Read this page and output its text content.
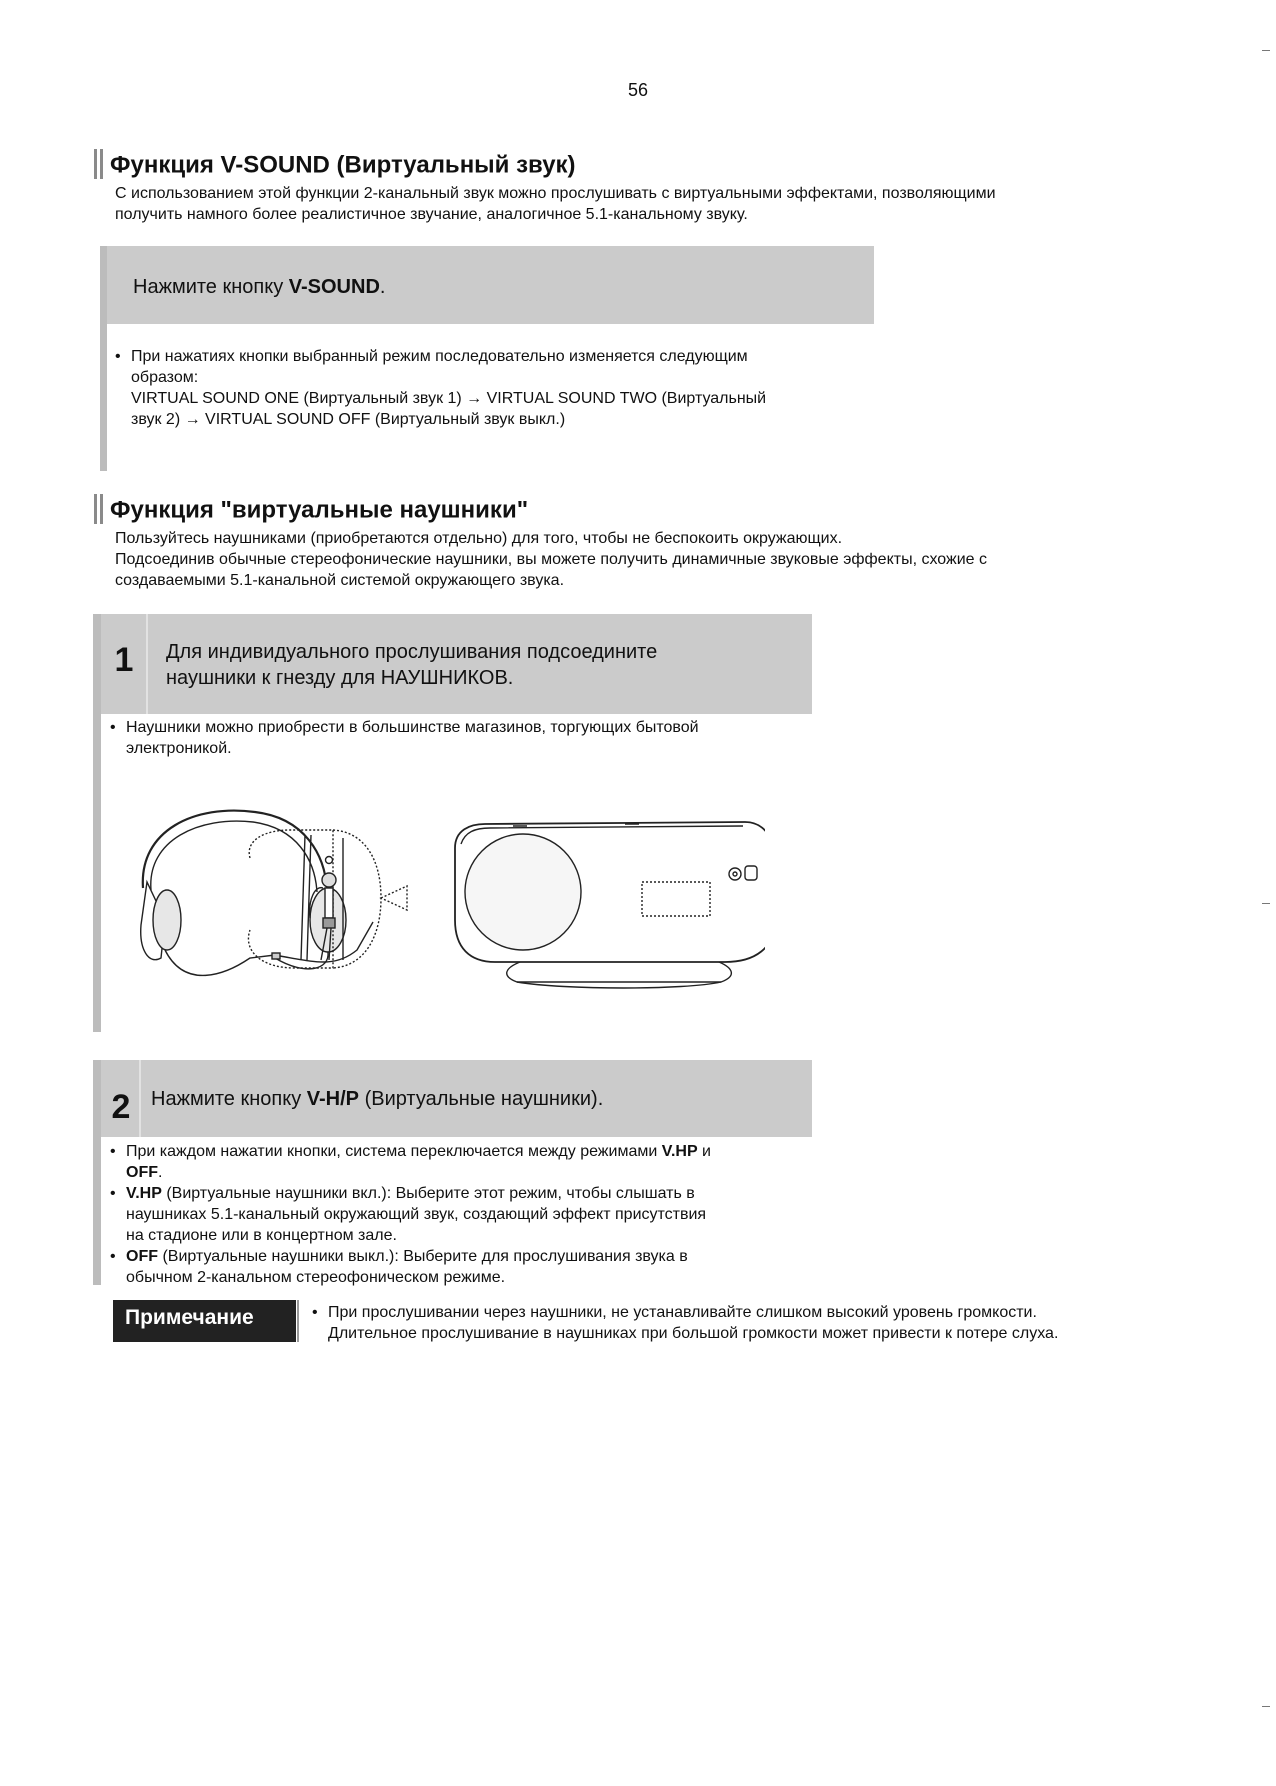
56
Функция V-SOUND (Виртуальный звук)
С использованием этой функции 2-канальный звук можно прослушивать с виртуальными эффектами, позволяющими
получить намного более реалистичное звучание, аналогичное 5.1-канальному звуку.
Нажмите кнопку V-SOUND.
• При нажатиях кнопки выбранный режим последовательно изменяется следующим
образом:
VIRTUAL SOUND ONE (Виртуальный звук 1) → VIRTUAL SOUND TWO (Виртуальный
звук 2) → VIRTUAL SOUND OFF (Виртуальный звук выкл.)
Функция "виртуальные наушники"
Пользуйтесь наушниками (приобретаются отдельно) для того, чтобы не беспокоить окружающих.
Подсоединив обычные стереофонические наушники, вы можете получить динамичные звуковые эффекты, схожие с
создаваемыми 5.1-канальной системой окружающего звука.
1	Для индивидуального прослушивания подсоедините
наушники к гнезду для НАУШНИКОВ.
• Наушники можно приобрести в большинстве магазинов, торгующих бытовой
электроникой.
2	Нажмите кнопку V-H/P (Виртуальные наушники).
• При каждом нажатии кнопки, система переключается между режимами V.HP и
OFF.
• V.HP (Виртуальные наушники вкл.): Выберите этот режим, чтобы слышать в
наушниках 5.1-канальный окружающий звук, создающий эффект присутствия
на стадионе или в концертном зале.
• OFF (Виртуальные наушники выкл.): Выберите для прослушивания звука в
обычном 2-канальном стереофоническом режиме.
Примечание
•	При прослушивании через наушники, не устанавливайте слишком высокий уровень громкости.
Длительное прослушивание в наушниках при большой громкости может привести к потере слуха.
